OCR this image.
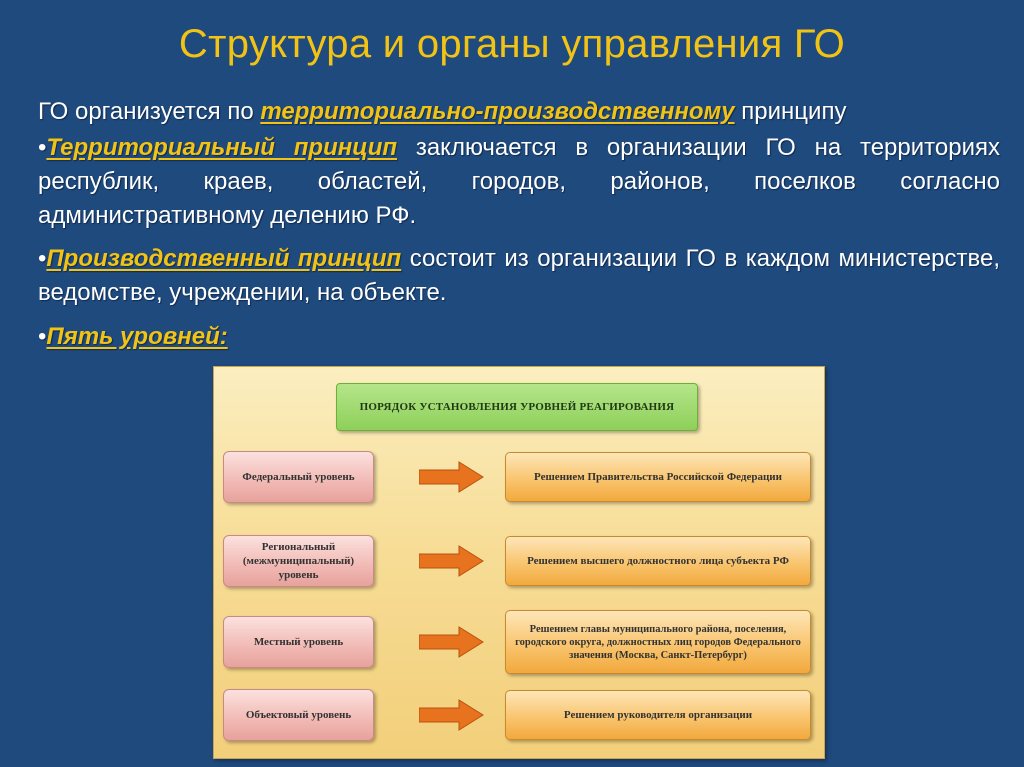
Структура и органы управления ГО
ГО организуется по территориально-производственному принципу
•Территориальный принцип заключается в организации ГО на территориях республик, краев, областей, городов, районов, поселков согласно административному делению РФ.
•Производственный принцип состоит из организации ГО в каждом министерстве, ведомстве, учреждении, на объекте.
•Пять уровней:
ПОРЯДОК УСТАНОВЛЕНИЯ УРОВНЕЙ РЕАГИРОВАНИЯ
Федеральный уровень	Решением Правительства Российской Федерации
Региональный (межмуниципальный) уровень
Решением высшего должностного лица субъекта РФ
Местный уровень
Решением главы муниципального района, поселения, городского округа, должностных лиц городов Федерального значения (Москва, Санкт-Петербург)
Объектовый уровень	Решением руководителя организации
